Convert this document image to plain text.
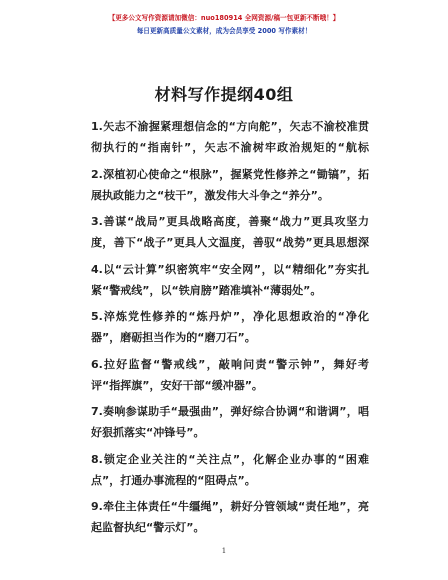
【更多公文写作资源请加微信：nuo180914 全网资源/稿一包更新不断哦！】
每日更新高质量公文素材，成为会员享受 2000 写作素材！
材料写作提纲40组
1.矢志不渝握紧理想信念的“方向舵”，矢志不渝校准贯彻执行的“指南针”，矢志不渝树牢政治规矩的“航标
2.深植初心使命之“根脉”，握紧党性修养之“锄镐”，拓展执政能力之“枝干”，激发伟大斗争之“养分”。
3.善谋“战局”更具战略高度，善聚“战力”更具攻坚力度，善下“战子”更具人文温度，善驭“战势”更具思想深
4.以“云计算”织密筑牢“安全网”，以“精细化”夯实扎紧“警戒线”，以“铁肩膀”踏准填补“薄弱处”。
5.淬炼党性修养的“炼丹炉”，净化思想政治的“净化器”，磨砺担当作为的“磨刀石”。
6.拉好监督“警戒线”，敲响问责“警示钟”，舞好考评“指挥旗”，安好干部“缓冲器”。
7.奏响参谋助手“最强曲”，弹好综合协调“和谐调”，唱好狠抓落实“冲锋号”。
8.锁定企业关注的“关注点”，化解企业办事的“困难点”，打通办事流程的“阻碍点”。
9.牵住主体责任“牛缰绳”，耕好分管领域“责任地”，亮起监督执纪“警示灯”。
1
